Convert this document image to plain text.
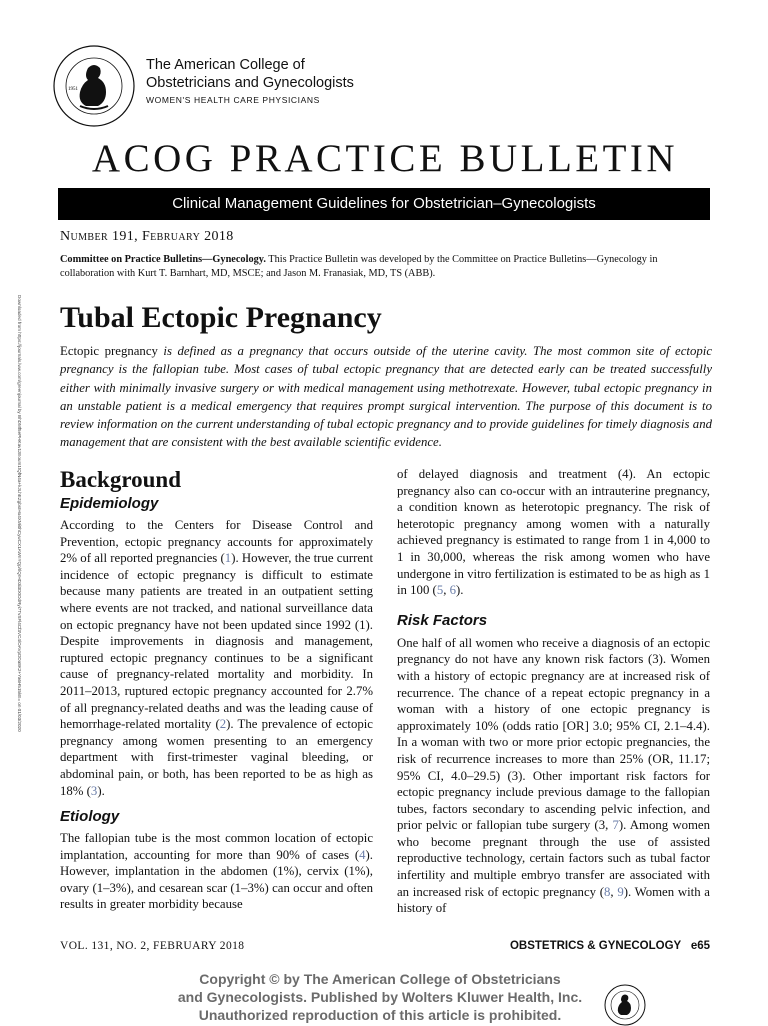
1951
The American College of
Obstetricians and Gynecologists
WOMEN'S HEALTH CARE PHYSICIANS
ACOG PRACTICE BULLETIN
Clinical Management Guidelines for Obstetrician–Gynecologists
Number 191, February 2018
Committee on Practice Bulletins—Gynecology. This Practice Bulletin was developed by the Committee on Practice Bulletins—Gynecology in collaboration with Kurt T. Barnhart, MD, MSCE; and Jason M. Franasiak, MD, TS (ABB).
Downloaded from https://journals.lww.com/greenjournal by BhDMf5ePHKav1zEoum1tQfN4a+kJLhEZgbsIHo4XMi0hCywCX1AWnYQp/IlQrHD3i3D0OdRyi7TvSFl4Cf3VC4/OAVpDDa8K2+Ya6H515kE= on 01/03/2020 Tubal Ectopic Pregnancy
Ectopic pregnancy is defined as a pregnancy that occurs outside of the uterine cavity. The most common site of ectopic pregnancy is the fallopian tube. Most cases of tubal ectopic pregnancy that are detected early can be treated successfully either with minimally invasive surgery or with medical management using methotrexate. However, tubal ectopic pregnancy in an unstable patient is a medical emergency that requires prompt surgical intervention. The purpose of this document is to review information on the current understanding of tubal ectopic pregnancy and to provide guidelines for timely diagnosis and management that are consistent with the best available scientific evidence.
Background
Epidemiology

According to the Centers for Disease Control and Prevention, ectopic pregnancy accounts for approximately 2% of all reported pregnancies (1). However, the true current incidence of ectopic pregnancy is difficult to estimate because many patients are treated in an outpatient setting where events are not tracked, and national surveillance data on ectopic pregnancy have not been updated since 1992 (1). Despite improvements in diagnosis and management, ruptured ectopic pregnancy continues to be a significant cause of pregnancy-related mortality and morbidity. In 2011–2013, ruptured ectopic pregnancy accounted for 2.7% of all pregnancy-related deaths and was the leading cause of hemorrhage-related mortality (2). The prevalence of ectopic pregnancy among women presenting to an emergency department with first-trimester vaginal bleeding, or abdominal pain, or both, has been reported to be as high as 18% (3).

Etiology

The fallopian tube is the most common location of ectopic implantation, accounting for more than 90% of cases (4). However, implantation in the abdomen (1%), cervix (1%), ovary (1–3%), and cesarean scar (1–3%) can occur and often results in greater morbidity because

of delayed diagnosis and treatment (4). An ectopic pregnancy also can co-occur with an intrauterine pregnancy, a condition known as heterotopic pregnancy. The risk of heterotopic pregnancy among women with a naturally achieved pregnancy is estimated to range from 1 in 4,000 to 1 in 30,000, whereas the risk among women who have undergone in vitro fertilization is estimated to be as high as 1 in 100 (5, 6).

Risk Factors

One half of all women who receive a diagnosis of an ectopic pregnancy do not have any known risk factors (3). Women with a history of ectopic pregnancy are at increased risk of recurrence. The chance of a repeat ectopic pregnancy in a woman with a history of one ectopic pregnancy is approximately 10% (odds ratio [OR] 3.0; 95% CI, 2.1–4.4). In a woman with two or more prior ectopic pregnancies, the risk of recurrence increases to more than 25% (OR, 11.17; 95% CI, 4.0–29.5) (3). Other important risk factors for ectopic pregnancy include previous damage to the fallopian tubes, factors secondary to ascending pelvic infection, and prior pelvic or fallopian tube surgery (3, 7). Among women who become pregnant through the use of assisted reproductive technology, certain factors such as tubal factor infertility and multiple embryo transfer are associated with an increased risk of ectopic pregnancy (8, 9). Women with a history of

VOL. 131, NO. 2, FEBRUARY 2018	OBSTETRICS & GYNECOLOGY e65
Copyright © by The American College of Obstetricians
and Gynecologists. Published by Wolters Kluwer Health, Inc.
Unauthorized reproduction of this article is prohibited.
